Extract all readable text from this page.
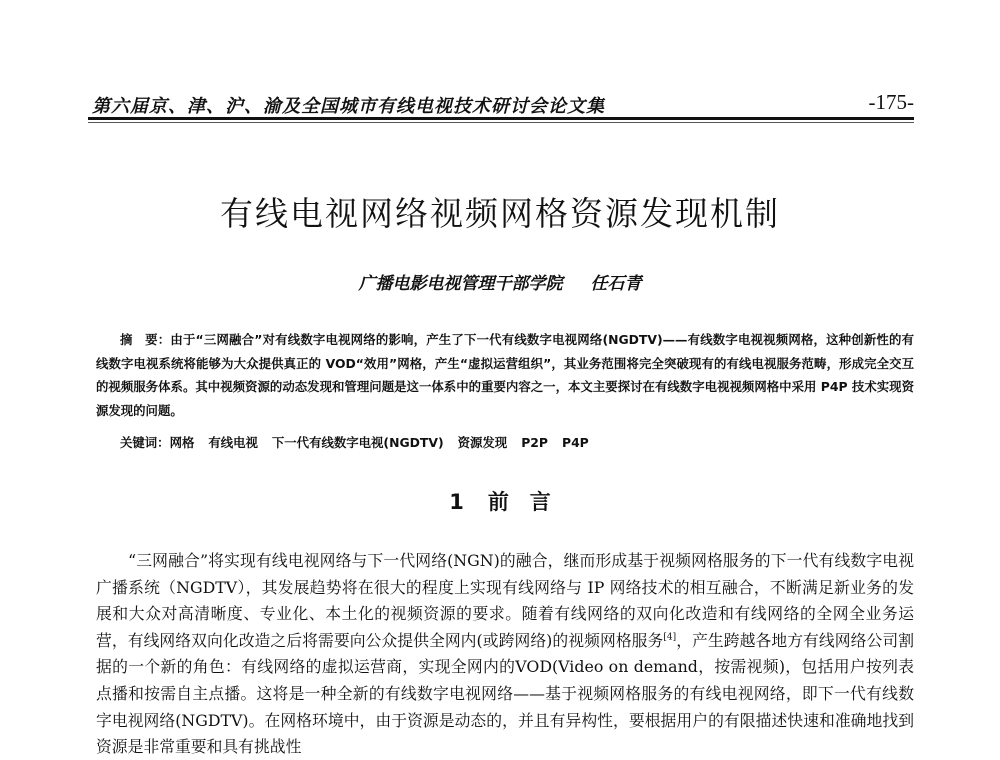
第六届京、津、沪、渝及全国城市有线电视技术研讨会论文集	-175-
有线电视网络视频网格资源发现机制
广播电影电视管理干部学院 任石青
摘　要：由于“三网融合”对有线数字电视网络的影响，产生了下一代有线数字电视网络(NGDTV)——有线数字电视视频网格，这种创新性的有线数字电视系统将能够为大众提供真正的 VOD“效用”网格，产生“虚拟运营组织”，其业务范围将完全突破现有的有线电视服务范畴，形成完全交互的视频服务体系。其中视频资源的动态发现和管理问题是这一体系中的重要内容之一，本文主要探讨在有线数字电视视频网格中采用 P4P 技术实现资源发现的问题。
关键词：网格 有线电视 下一代有线数字电视(NGDTV) 资源发现 P2P P4P
1 前　言

“三网融合”将实现有线电视网络与下一代网络(NGN)的融合，继而形成基于视频网格服务的下一代有线数字电视广播系统（NGDTV），其发展趋势将在很大的程度上实现有线网络与 IP 网络技术的相互融合，不断满足新业务的发展和大众对高清晰度、专业化、本土化的视频资源的要求。随着有线网络的双向化改造和有线网络的全网全业务运营，有线网络双向化改造之后将需要向公众提供全网内(或跨网络)的视频网格服务[4]，产生跨越各地方有线网络公司割据的一个新的角色：有线网络的虚拟运营商，实现全网内的VOD(Video on demand，按需视频)，包括用户按列表点播和按需自主点播。这将是一种全新的有线数字电视网络——基于视频网格服务的有线电视网络，即下一代有线数字电视网络(NGDTV)。在网格环境中，由于资源是动态的，并且有异构性，要根据用户的有限描述快速和准确地找到资源是非常重要和具有挑战性
